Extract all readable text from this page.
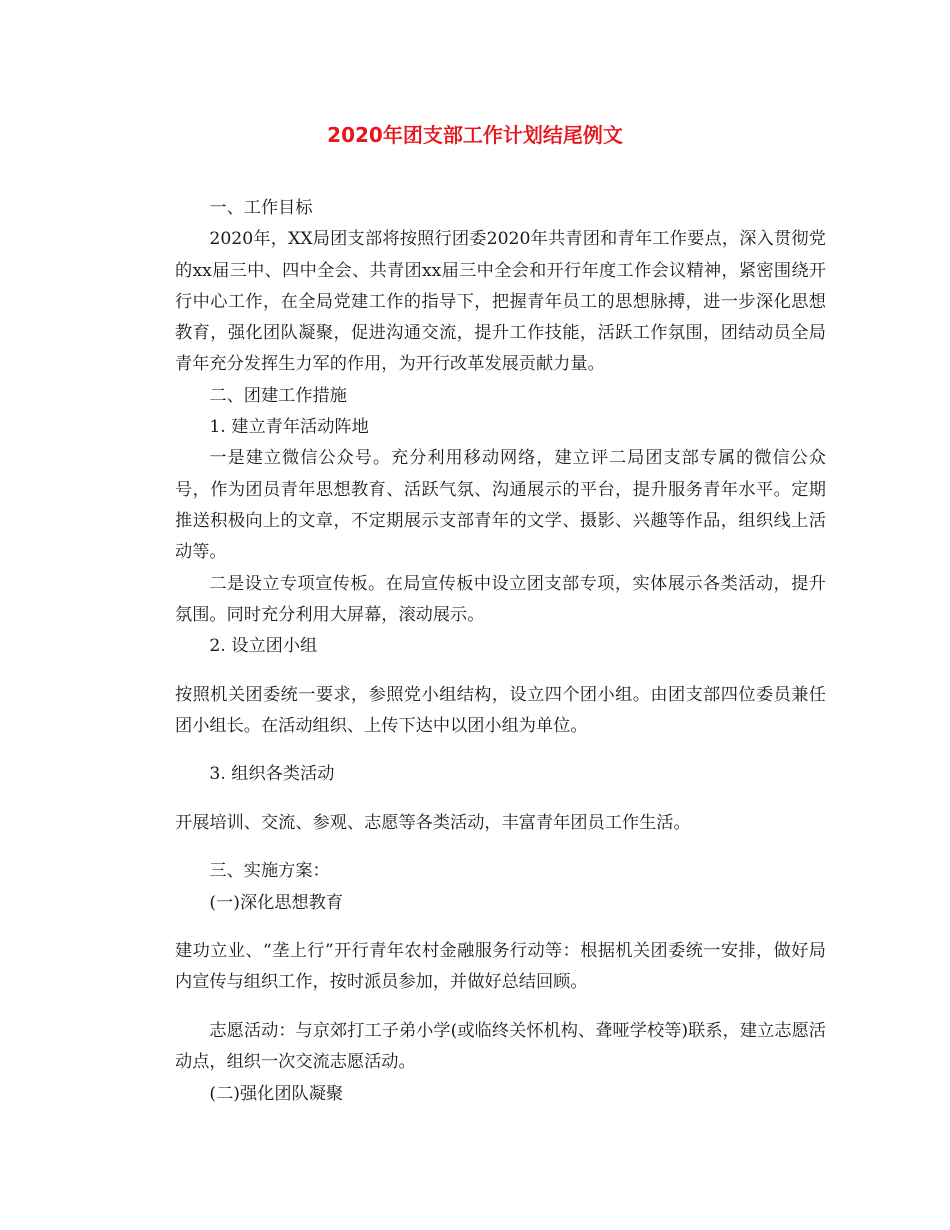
2020年团支部工作计划结尾例文

一、工作目标

2020年，XX局团支部将按照行团委2020年共青团和青年工作要点，深入贯彻党的xx届三中、四中全会、共青团xx届三中全会和开行年度工作会议精神，紧密围绕开行中心工作，在全局党建工作的指导下，把握青年员工的思想脉搏，进一步深化思想教育，强化团队凝聚，促进沟通交流，提升工作技能，活跃工作氛围，团结动员全局青年充分发挥生力军的作用，为开行改革发展贡献力量。

二、团建工作措施

1. 建立青年活动阵地

一是建立微信公众号。充分利用移动网络，建立评二局团支部专属的微信公众号，作为团员青年思想教育、活跃气氛、沟通展示的平台，提升服务青年水平。定期推送积极向上的文章，不定期展示支部青年的文学、摄影、兴趣等作品，组织线上活动等。

二是设立专项宣传板。在局宣传板中设立团支部专项，实体展示各类活动，提升氛围。同时充分利用大屏幕，滚动展示。

2. 设立团小组

按照机关团委统一要求，参照党小组结构，设立四个团小组。由团支部四位委员兼任团小组长。在活动组织、上传下达中以团小组为单位。

3. 组织各类活动

开展培训、交流、参观、志愿等各类活动，丰富青年团员工作生活。

三、实施方案：

(一)深化思想教育

建功立业、“垄上行”开行青年农村金融服务行动等：根据机关团委统一安排，做好局内宣传与组织工作，按时派员参加，并做好总结回顾。

志愿活动：与京郊打工子弟小学(或临终关怀机构、聋哑学校等)联系，建立志愿活动点，组织一次交流志愿活动。

(二)强化团队凝聚
